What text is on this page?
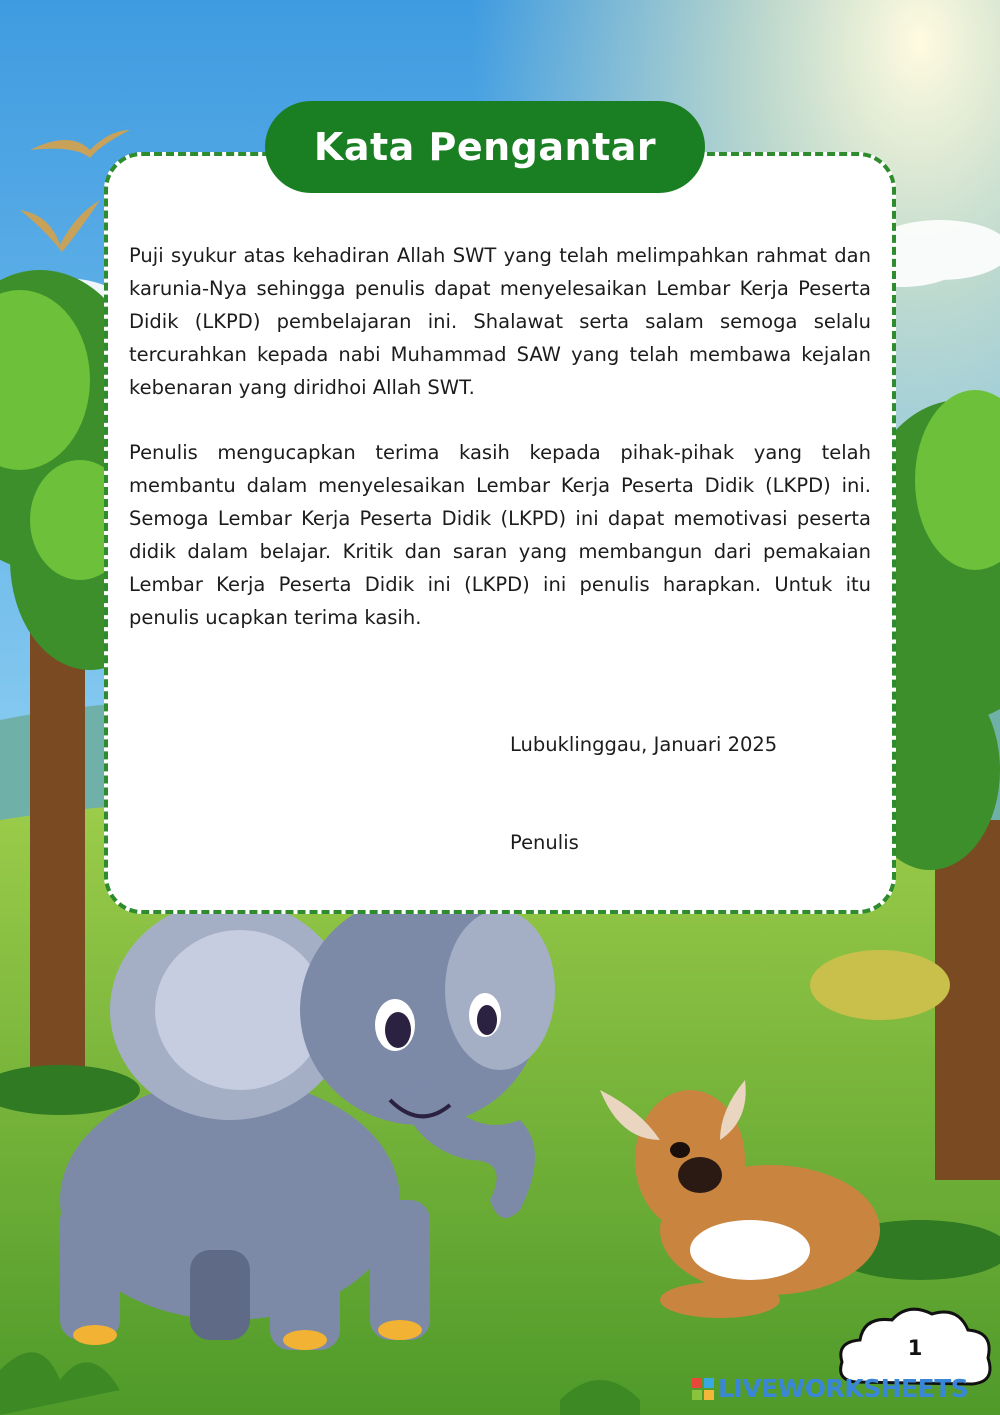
Kata Pengantar

Puji syukur atas kehadiran Allah SWT yang telah melimpahkan rahmat dan karunia-Nya sehingga penulis dapat menyelesaikan Lembar Kerja Peserta Didik (LKPD) pembelajaran ini. Shalawat serta salam semoga selalu tercurahkan kepada nabi Muhammad SAW yang telah membawa kejalan kebenaran yang diridhoi Allah SWT.

Penulis mengucapkan terima kasih kepada pihak-pihak yang telah membantu dalam menyelesaikan Lembar Kerja Peserta Didik (LKPD) ini. Semoga Lembar Kerja Peserta Didik (LKPD) ini dapat memotivasi peserta didik dalam belajar. Kritik dan saran yang membangun dari pemakaian Lembar Kerja Peserta Didik ini (LKPD) ini penulis harapkan. Untuk itu penulis ucapkan terima kasih.

Lubuklinggau, Januari 2025
Penulis
1
LIVEWORKSHEETS
